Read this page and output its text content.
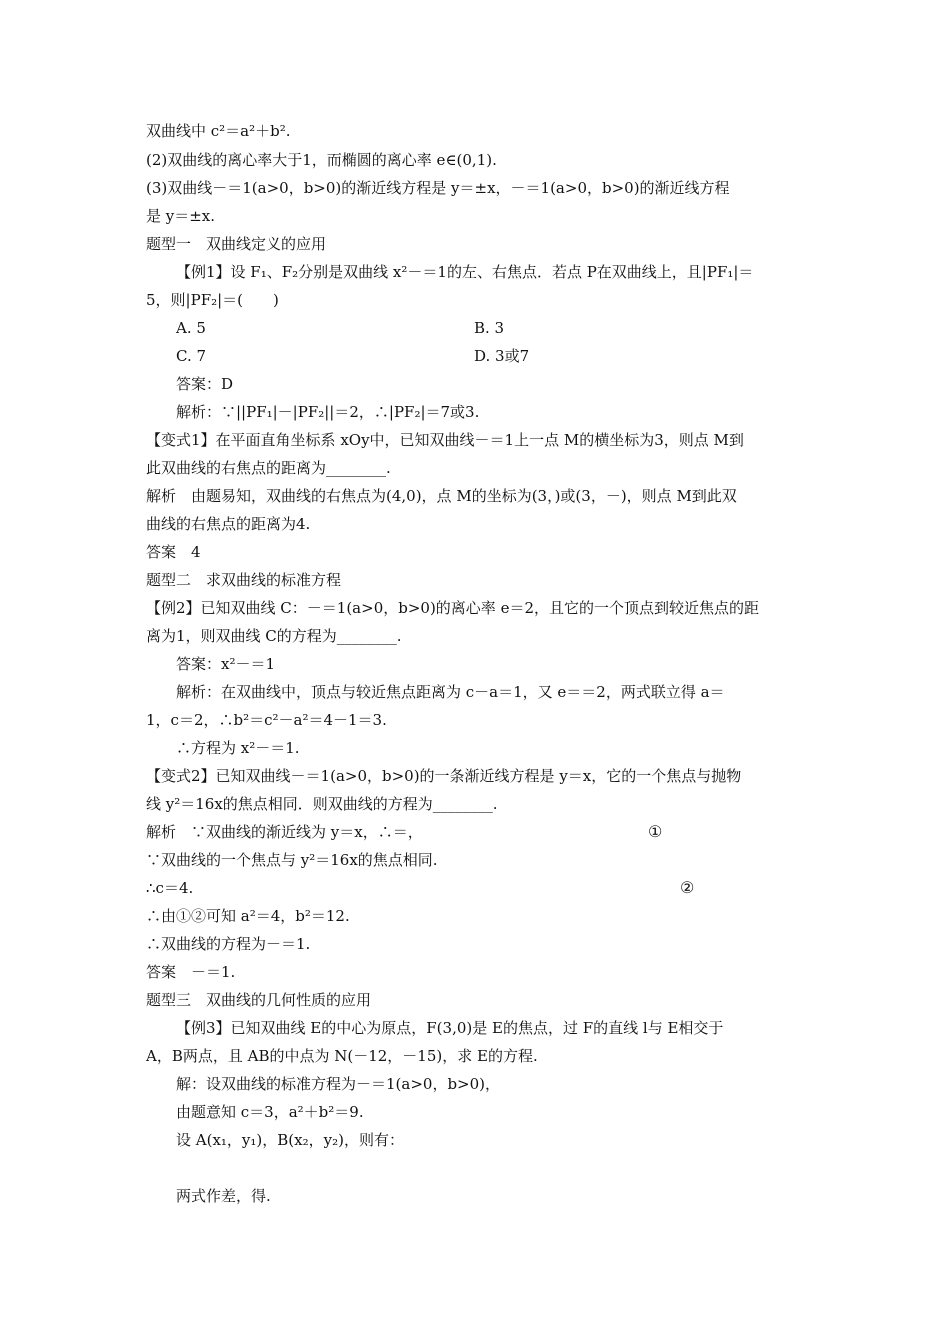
双曲线中 c²＝a²＋b².
(2)双曲线的离心率大于1，而椭圆的离心率 e∈(0,1).
(3)双曲线－＝1(a>0，b>0)的渐近线方程是 y＝±x，－＝1(a>0，b>0)的渐近线方程
是 y＝±x.
题型一　双曲线定义的应用
【例1】设 F₁、F₂分别是双曲线 x²－＝1的左、右焦点．若点 P在双曲线上，且|PF₁|＝
5，则|PF₂|＝(　　)
A. 5	B. 3
C. 7	D. 3或7
答案：D
解析：∵||PF₁|－|PF₂||＝2，∴|PF₂|＝7或3.
【变式1】在平面直角坐标系 xOy中，已知双曲线－＝1上一点 M的横坐标为3，则点 M到
此双曲线的右焦点的距离为________.
解析　由题易知，双曲线的右焦点为(4,0)，点 M的坐标为(3，)或(3，－)，则点 M到此双
曲线的右焦点的距离为4.
答案　4
题型二　求双曲线的标准方程
【例2】已知双曲线 C：－＝1(a>0，b>0)的离心率 e＝2，且它的一个顶点到较近焦点的距
离为1，则双曲线 C的方程为________.
答案：x²－＝1
解析：在双曲线中，顶点与较近焦点距离为 c－a＝1，又 e＝＝2，两式联立得 a＝
1，c＝2，∴b²＝c²－a²＝4－1＝3.
∴方程为 x²－＝1.
【变式2】已知双曲线－＝1(a>0，b>0)的一条渐近线方程是 y＝x，它的一个焦点与抛物
线 y²＝16x的焦点相同．则双曲线的方程为________.
解析　∵双曲线的渐近线为 y＝x，∴＝，	①
∵双曲线的一个焦点与 y²＝16x的焦点相同.
∴c＝4.	②
∴由①②可知 a²＝4，b²＝12.
∴双曲线的方程为－＝1.
答案　－＝1.
题型三　双曲线的几何性质的应用
【例3】已知双曲线 E的中心为原点，F(3,0)是 E的焦点，过 F的直线 l与 E相交于
A，B两点，且 AB的中点为 N(－12，－15)，求 E的方程.
解：设双曲线的标准方程为－＝1(a>0，b>0)，
由题意知 c＝3，a²＋b²＝9.
设 A(x₁，y₁)，B(x₂，y₂)，则有：
两式作差，得.
